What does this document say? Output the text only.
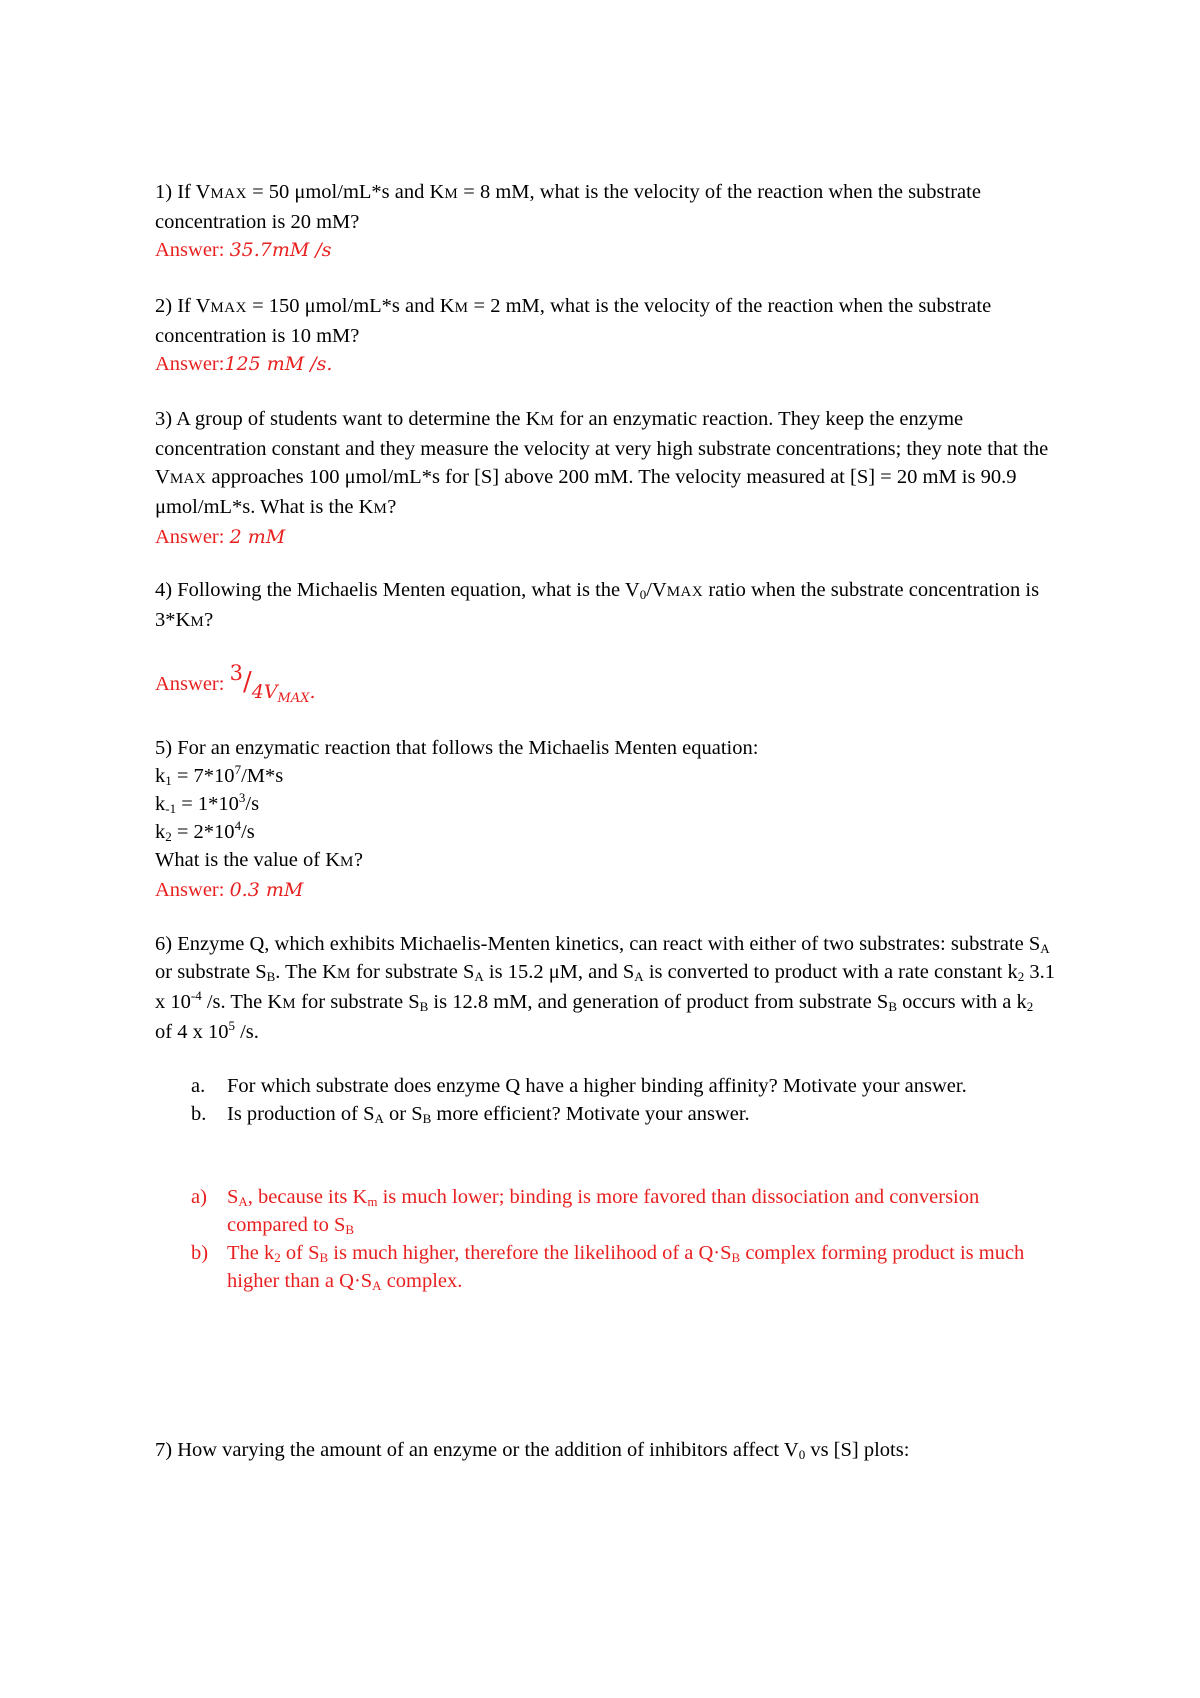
1) If VMAX = 50 μmol/mL*s and KM = 8 mM, what is the velocity of the reaction when the substrate concentration is 20 mM?
Answer: 35.7mM /s
2) If VMAX = 150 μmol/mL*s and KM = 2 mM, what is the velocity of the reaction when the substrate concentration is 10 mM?
Answer:125 mM /s.
3) A group of students want to determine the KM for an enzymatic reaction. They keep the enzyme concentration constant and they measure the velocity at very high substrate concentrations; they note that the VMAX approaches 100 μmol/mL*s for [S] above 200 mM. The velocity measured at [S] = 20 mM is 90.9 μmol/mL*s. What is the KM?
Answer: 2 mM
4) Following the Michaelis Menten equation, what is the $V_0$/VMAX ratio when the substrate concentration is 3*KM?
Answer: $3/4V_{MAX}$.
5) For an enzymatic reaction that follows the Michaelis Menten equation:
$k_1 = 7*10^7/M*s$
$k_{-1} = 1*10^3/s$
$k_2 = 2*10^4/s$
What is the value of KM?
Answer: 0.3 mM
6) Enzyme Q, which exhibits Michaelis-Menten kinetics, can react with either of two substrates: substrate $S_A$ or substrate $S_B$. The KM for substrate $S_A$ is 15.2 μM, and $S_A$ is converted to product with a rate constant $k_2$ 3.1 x $10^{-4}$ /s. The KM for substrate $S_B$ is 12.8 mM, and generation of product from substrate $S_B$ occurs with a $k_2$ of 4 x $10^5$ /s.
a. For which substrate does enzyme Q have a higher binding affinity? Motivate your answer.
b. Is production of $S_A$ or $S_B$ more efficient? Motivate your answer.
a) $S_A$, because its $K_m$ is much lower; binding is more favored than dissociation and conversion compared to $S_B$
b) The $k_2$ of $S_B$ is much higher, therefore the likelihood of a $Q\cdot S_B$ complex forming product is much higher than a $Q\cdot S_A$ complex.
7) How varying the amount of an enzyme or the addition of inhibitors affect $V_0$ vs [S] plots:
